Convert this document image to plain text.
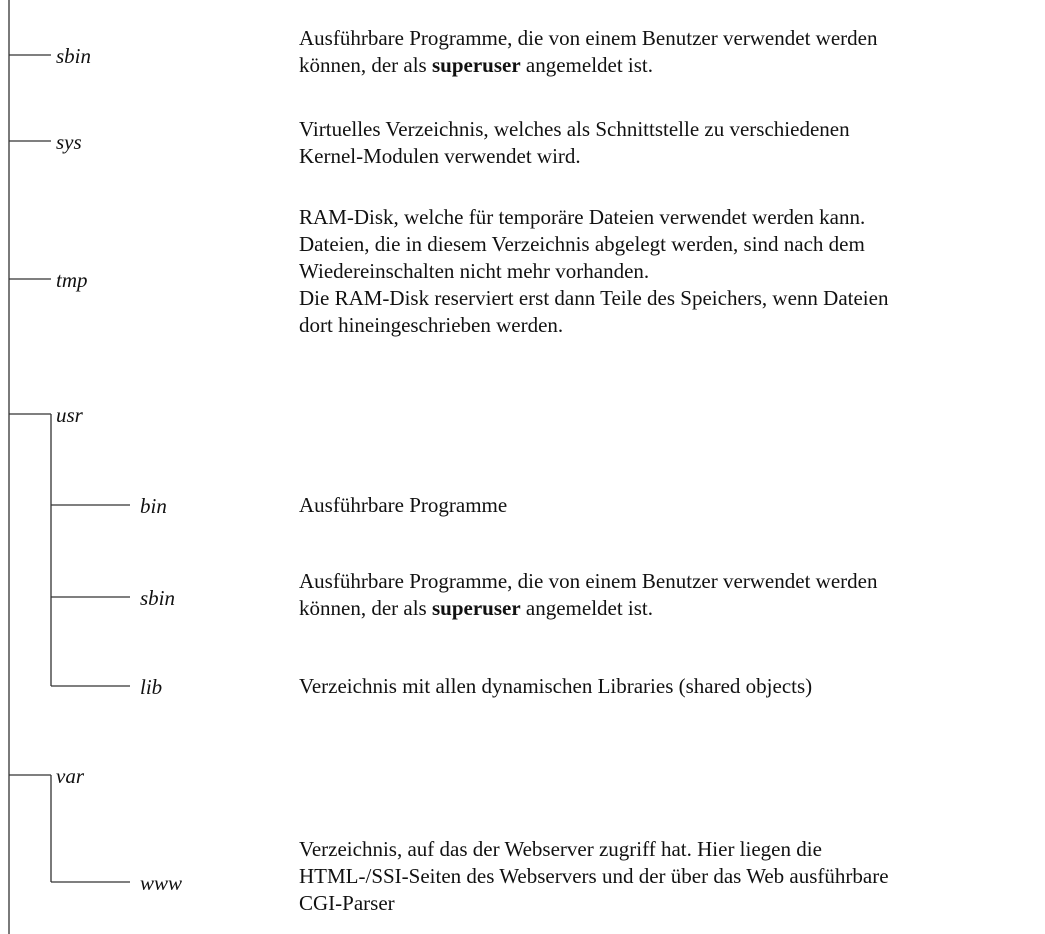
sbin
Ausführbare Programme, die von einem Benutzer verwendet werden
können, der als superuser angemeldet ist.
sys
Virtuelles Verzeichnis, welches als Schnittstelle zu verschiedenen
Kernel-Modulen verwendet wird.
tmp
RAM-Disk, welche für temporäre Dateien verwendet werden kann.
Dateien, die in diesem Verzeichnis abgelegt werden, sind nach dem
Wiedereinschalten nicht mehr vorhanden.
Die RAM-Disk reserviert erst dann Teile des Speichers, wenn Dateien
dort hineingeschrieben werden.
usr
bin	Ausführbare Programme
sbin
Ausführbare Programme, die von einem Benutzer verwendet werden
können, der als superuser angemeldet ist.
lib	Verzeichnis mit allen dynamischen Libraries (shared objects)
var
www
Verzeichnis, auf das der Webserver zugriff hat. Hier liegen die
HTML-/SSI-Seiten des Webservers und der über das Web ausführbare
CGI-Parser
